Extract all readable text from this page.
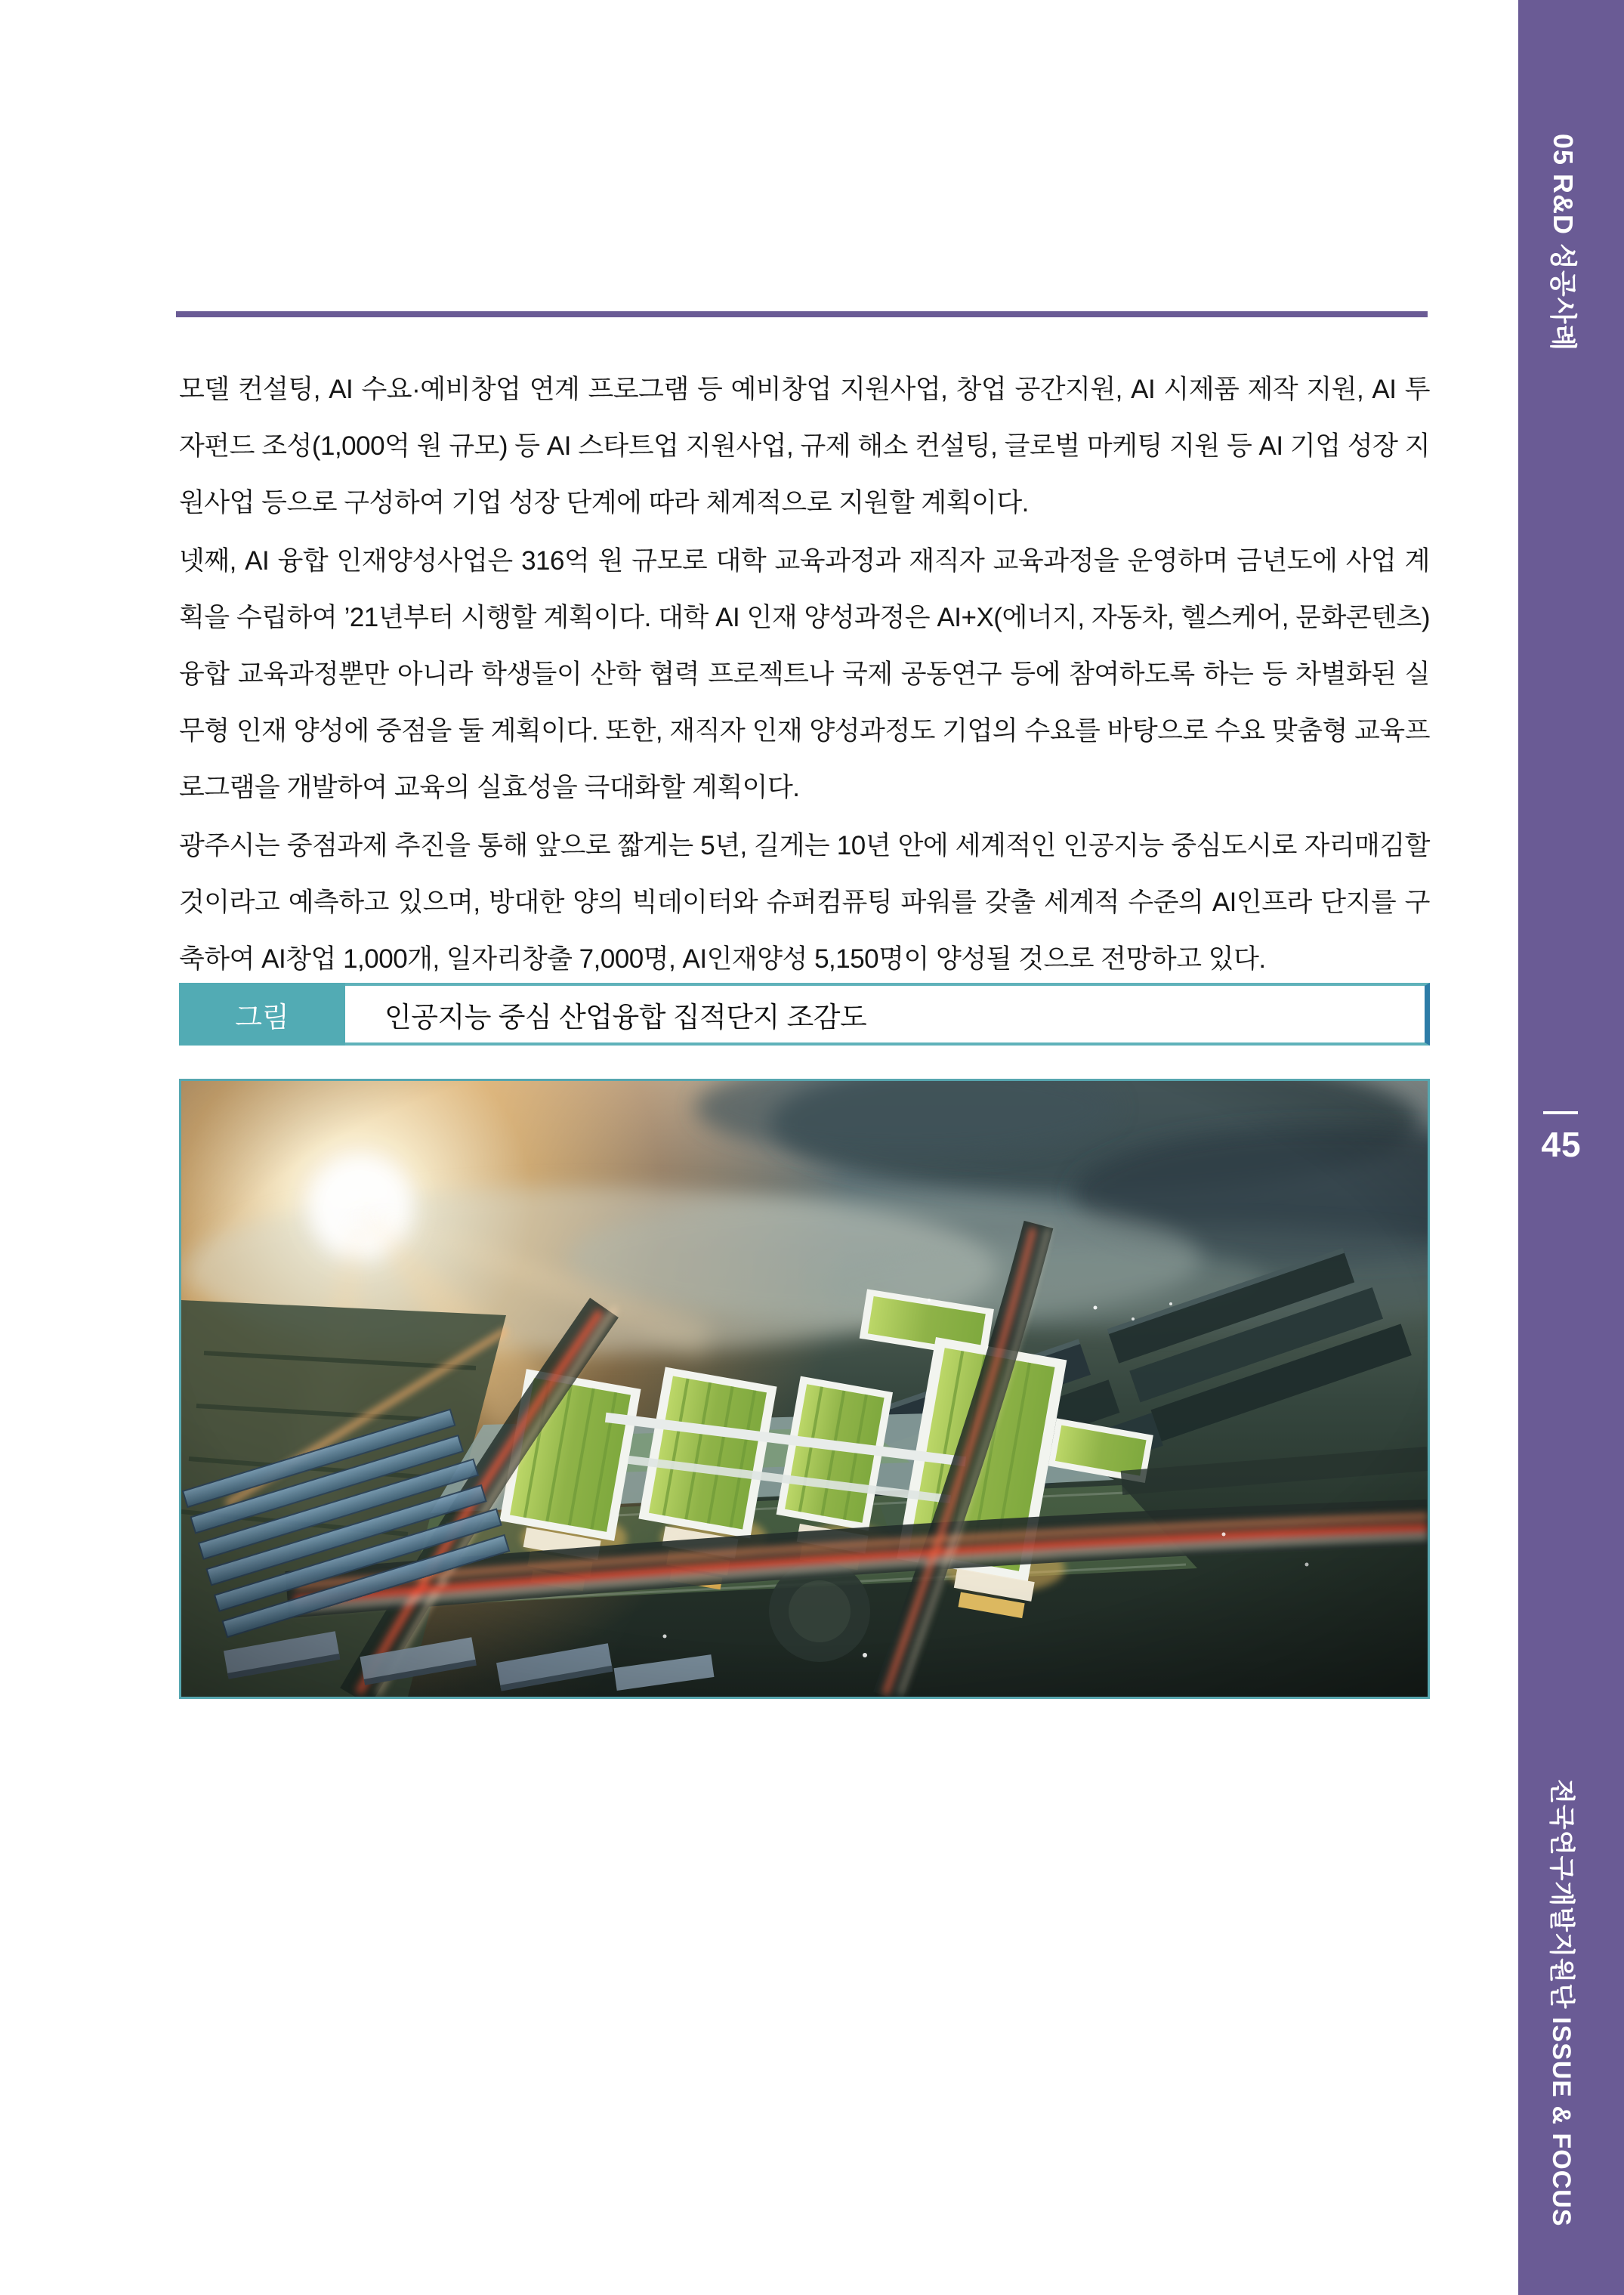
모델 컨설팅, AI 수요·예비창업 연계 프로그램 등 예비창업 지원사업, 창업 공간지원, AI 시제품 제작 지원, AI 투자펀드 조성(1,000억 원 규모) 등 AI 스타트업 지원사업, 규제 해소 컨설팅, 글로벌 마케팅 지원 등 AI 기업 성장 지원사업 등으로 구성하여 기업 성장 단계에 따라 체계적으로 지원할 계획이다.

넷째, AI 융합 인재양성사업은 316억 원 규모로 대학 교육과정과 재직자 교육과정을 운영하며 금년도에 사업 계획을 수립하여 ’21년부터 시행할 계획이다. 대학 AI 인재 양성과정은 AI+X(에너지, 자동차, 헬스케어, 문화콘텐츠) 융합 교육과정뿐만 아니라 학생들이 산학 협력 프로젝트나 국제 공동연구 등에 참여하도록 하는 등 차별화된 실무형 인재 양성에 중점을 둘 계획이다. 또한, 재직자 인재 양성과정도 기업의 수요를 바탕으로 수요 맞춤형 교육프로그램을 개발하여 교육의 실효성을 극대화할 계획이다.

광주시는 중점과제 추진을 통해 앞으로 짧게는 5년, 길게는 10년 안에 세계적인 인공지능 중심도시로 자리매김할 것이라고 예측하고 있으며, 방대한 양의 빅데이터와 슈퍼컴퓨팅 파워를 갖출 세계적 수준의 AI인프라 단지를 구축하여 AI창업 1,000개, 일자리창출 7,000명, AI인재양성 5,150명이 양성될 것으로 전망하고 있다.

그림	인공지능 중심 산업융합 집적단지 조감도
05 R&D 성공사례
45
전국연구개발지원단 ISSUE & FOCUS
